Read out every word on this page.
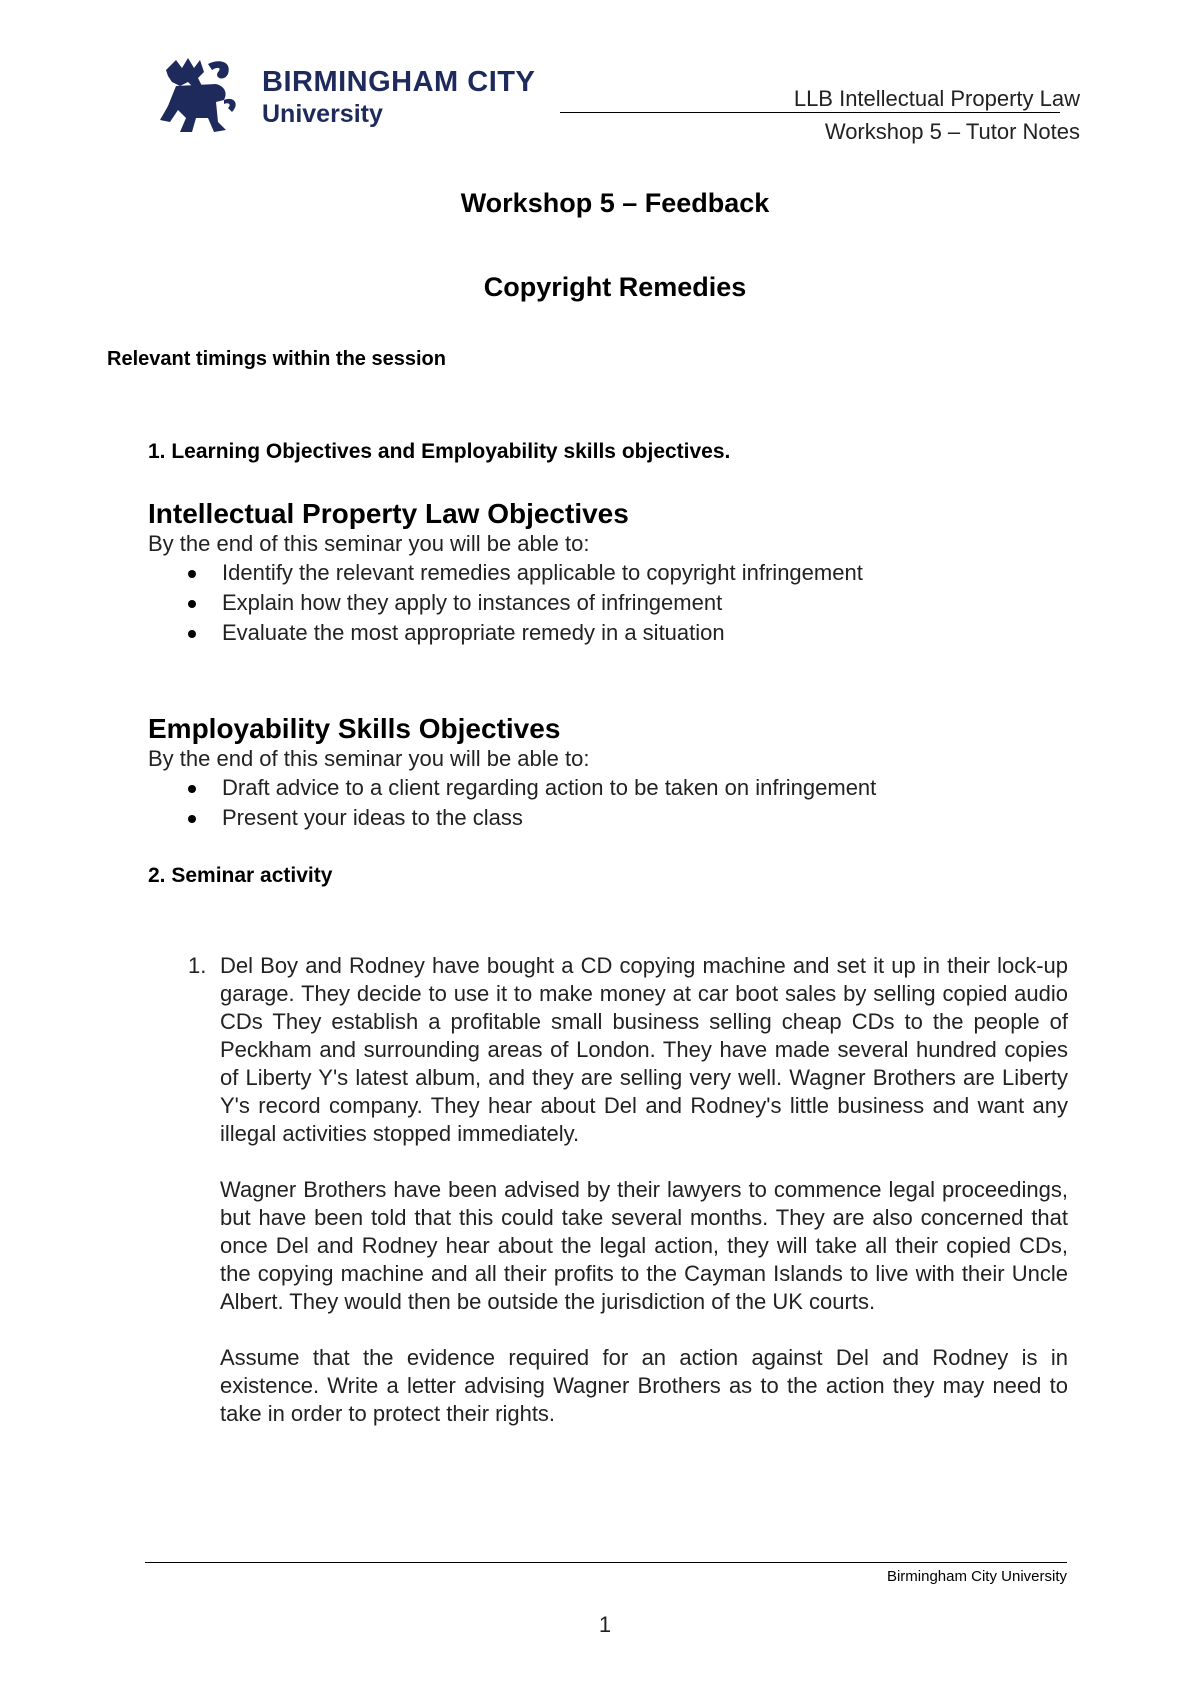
BIRMINGHAM CITY
University
LLB Intellectual Property Law
Workshop 5 – Tutor Notes
Workshop 5 – Feedback
Copyright Remedies
Relevant timings within the session
1. Learning Objectives and Employability skills objectives.
Intellectual Property Law Objectives
By the end of this seminar you will be able to:
Identify the relevant remedies applicable to copyright infringement
Explain how they apply to instances of infringement
Evaluate the most appropriate remedy in a situation
Employability Skills Objectives
By the end of this seminar you will be able to:
Draft advice to a client regarding action to be taken on infringement
Present your ideas to the class
2. Seminar activity
1. Del Boy and Rodney have bought a CD copying machine and set it up in their lock-up garage. They decide to use it to make money at car boot sales by selling copied audio CDs They establish a profitable small business selling cheap CDs to the people of Peckham and surrounding areas of London. They have made several hundred copies of Liberty Y's latest album, and they are selling very well. Wagner Brothers are Liberty Y's record company. They hear about Del and Rodney's little business and want any illegal activities stopped immediately.

Wagner Brothers have been advised by their lawyers to commence legal proceedings, but have been told that this could take several months. They are also concerned that once Del and Rodney hear about the legal action, they will take all their copied CDs, the copying machine and all their profits to the Cayman Islands to live with their Uncle Albert. They would then be outside the jurisdiction of the UK courts.

Assume that the evidence required for an action against Del and Rodney is in existence. Write a letter advising Wagner Brothers as to the action they may need to take in order to protect their rights.

Birmingham City University
1
